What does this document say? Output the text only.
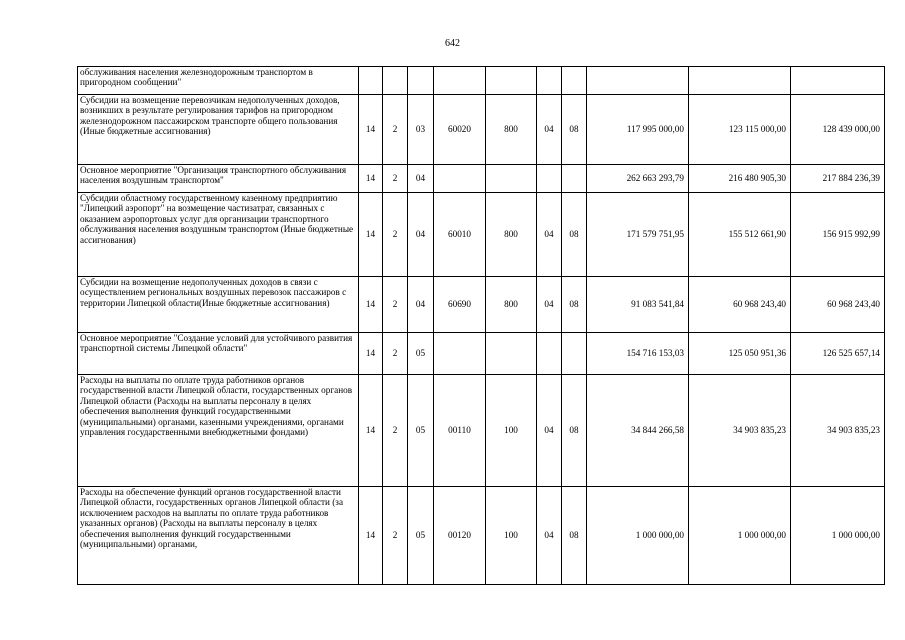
642
обслуживания населения железнодорожным транспортом в пригородном сообщении"										
Субсидии на возмещение перевозчикам недополученных доходов, возникших в результате регулирования тарифов на пригородном железнодорожном пассажирском транспорте общего пользования (Иные бюджетные ассигнования)	14	2	03	60020	800	04	08	117 995 000,00	123 115 000,00	128 439 000,00
Основное мероприятие "Организация транспортного обслуживания населения воздушным транспортом"	14	2	04					262 663 293,79	216 480 905,30	217 884 236,39
Субсидии областному государственному казенному предприятию "Липецкий аэропорт" на возмещение частизатрат, связанных с оказанием аэропортовых услуг для организации транспортного обслуживания населения воздушным транспортом (Иные бюджетные ассигнования)	14	2	04	60010	800	04	08	171 579 751,95	155 512 661,90	156 915 992,99
Субсидии на возмещение недополученных доходов в связи с осуществлением региональных воздушных перевозок пассажиров с территории Липецкой области(Иные бюджетные ассигнования)	14	2	04	60690	800	04	08	91 083 541,84	60 968 243,40	60 968 243,40
Основное мероприятие "Создание условий для устойчивого развития транспортной системы Липецкой области"	14	2	05					154 716 153,03	125 050 951,36	126 525 657,14
Расходы на выплаты по оплате труда работников органов государственной власти Липецкой области, государственных органов Липецкой области (Расходы на выплаты персоналу в целях обеспечения выполнения функций государственными (муниципальными) органами, казенными учреждениями, органами управления государственными внебюджетными фондами)	14	2	05	00110	100	04	08	34 844 266,58	34 903 835,23	34 903 835,23
Расходы на обеспечение функций органов государственной власти Липецкой области, государственных органов Липецкой области (за исключением расходов на выплаты по оплате труда работников указанных органов) (Расходы на выплаты персоналу в целях обеспечения выполнения функций государственными (муниципальными) органами,	14	2	05	00120	100	04	08	1 000 000,00	1 000 000,00	1 000 000,00
